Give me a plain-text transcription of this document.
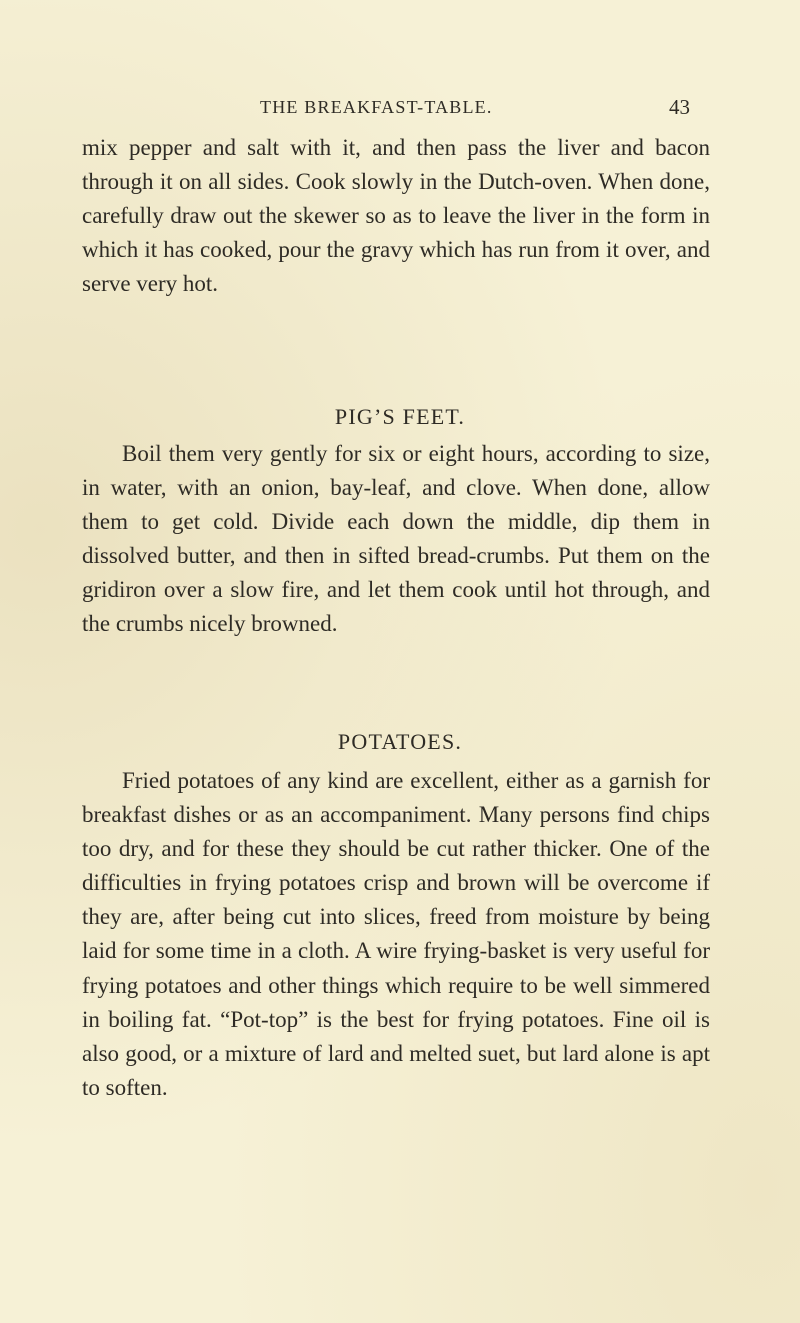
THE BREAKFAST-TABLE.	43

mix pepper and salt with it, and then pass the liver and bacon through it on all sides. Cook slowly in the Dutch-oven. When done, carefully draw out the skewer so as to leave the liver in the form in which it has cooked, pour the gravy which has run from it over, and serve very hot.

PIG’S FEET.

Boil them very gently for six or eight hours, according to size, in water, with an onion, bay-leaf, and clove. When done, allow them to get cold. Divide each down the middle, dip them in dissolved butter, and then in sifted bread-crumbs. Put them on the gridiron over a slow fire, and let them cook until hot through, and the crumbs nicely browned.

POTATOES.

Fried potatoes of any kind are excellent, either as a garnish for breakfast dishes or as an accompaniment. Many persons find chips too dry, and for these they should be cut rather thicker. One of the difficulties in frying potatoes crisp and brown will be overcome if they are, after being cut into slices, freed from moisture by being laid for some time in a cloth. A wire frying-basket is very useful for frying potatoes and other things which require to be well simmered in boiling fat. “Pot-top” is the best for frying potatoes. Fine oil is also good, or a mixture of lard and melted suet, but lard alone is apt to soften.
